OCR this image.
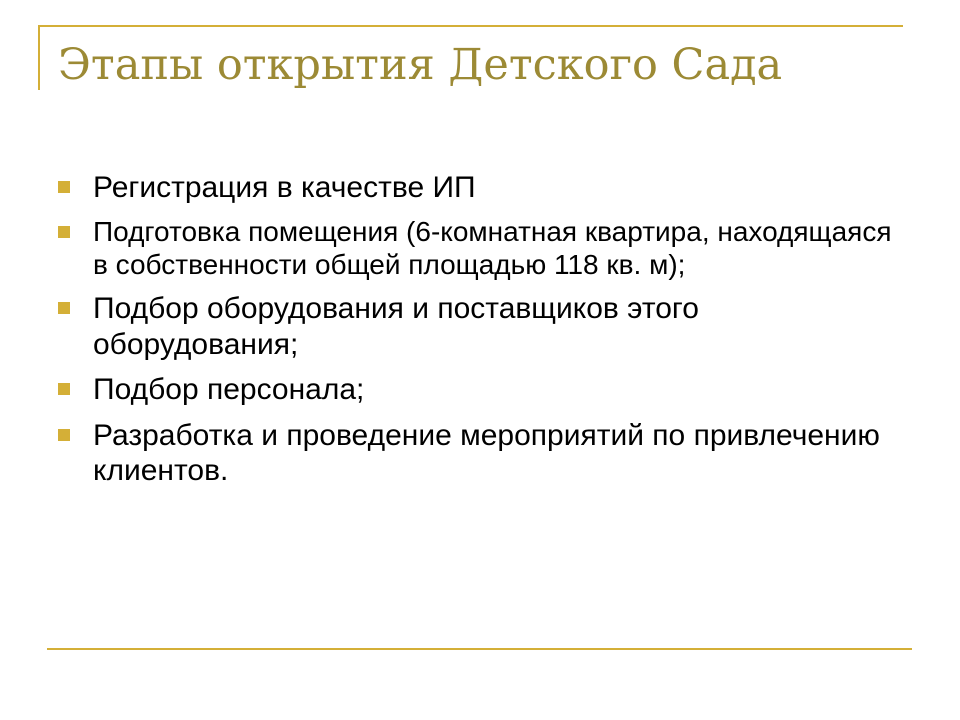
Этапы открытия Детского Сада
Регистрация в качестве ИП
Подготовка помещения (6-комнатная квартира, находящаяся в собственности общей площадью 118 кв. м);
Подбор оборудования и поставщиков этого оборудования;
Подбор персонала;
Разработка и проведение мероприятий по привлечению клиентов.
